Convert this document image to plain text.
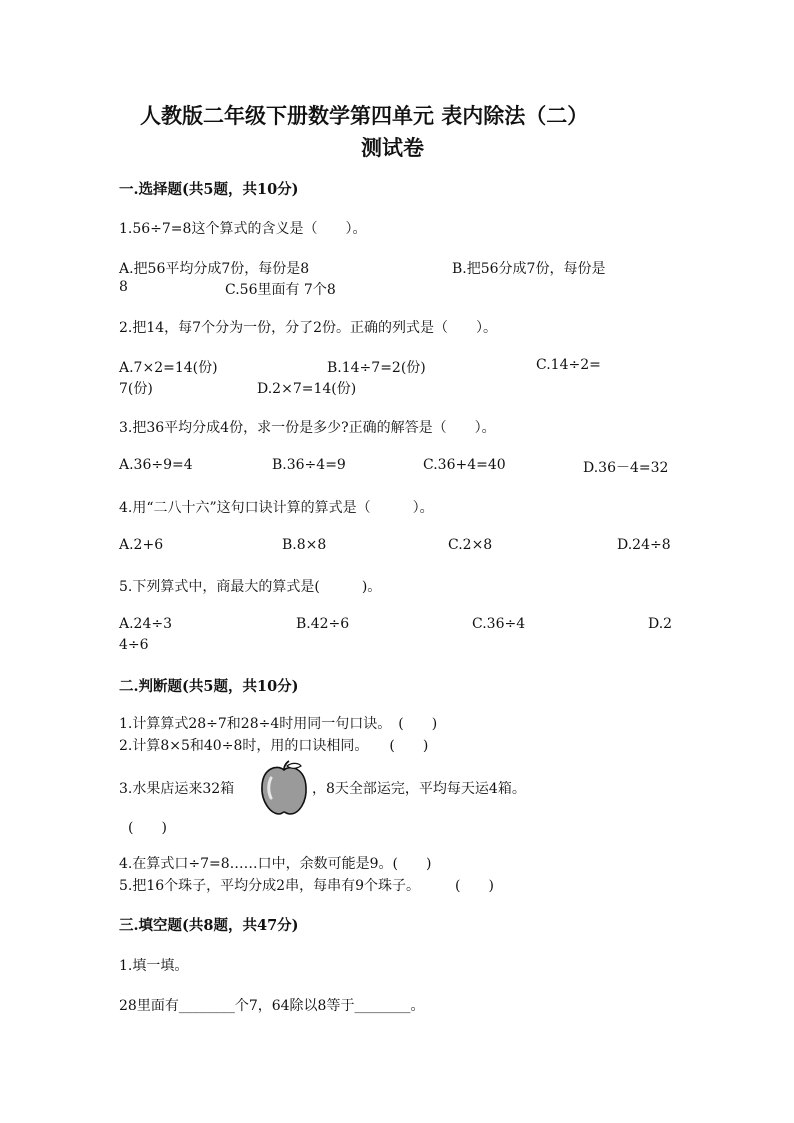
人教版二年级下册数学第四单元 表内除法（二）
测试卷
一.选择题(共5题，共10分)
1.56÷7=8这个算式的含义是（　　）。
A.把56平均分成7份，每份是8	B.把56分成7份，每份是
8	C.56里面有 7个8
2.把14，每7个分为一份，分了2份。正确的列式是（　　）。
A.7×2=14(份)	B.14÷7=2(份)	C.14÷2=
7(份)	D.2×7=14(份)
3.把36平均分成4份，求一份是多少?正确的解答是（　　）。
A.36÷9=4	B.36÷4=9	C.36+4=40	D.36－4=32
4.用“二八十六”这句口诀计算的算式是（　　　）。
A.2+6	B.8×8	C.2×8	D.24÷8
5.下列算式中，商最大的算式是(　　　)。
A.24÷3	B.42÷6	C.36÷4	D.2
4÷6
二.判断题(共5题，共10分)
1.计算算式28÷7和28÷4时用同一句口诀。　(　　)
2.计算8×5和40÷8时，用的口诀相同。　　(　　)
3.水果店运来32箱	，8天全部运完，平均每天运4箱。
(　　)
4.在算式口÷7=8……口中，余数可能是9。(　　)
5.把16个珠子，平均分成2串，每串有9个珠子。　　　(　　)
三.填空题(共8题，共47分)
1.填一填。
28里面有________个7，64除以8等于________。
